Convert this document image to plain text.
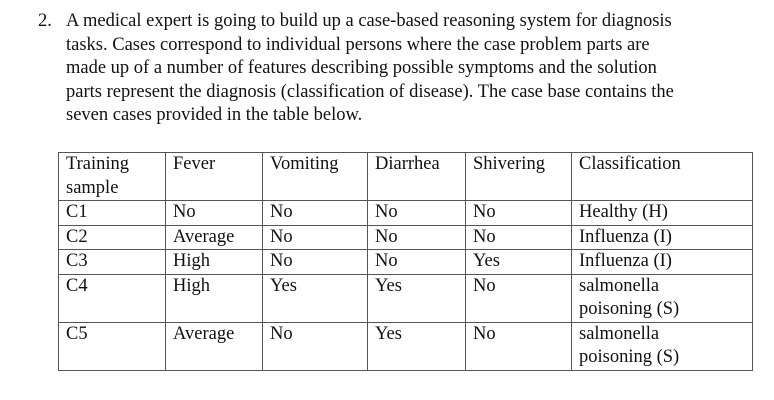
2. A medical expert is going to build up a case-based reasoning system for diagnosis
tasks. Cases correspond to individual persons where the case problem parts are
made up of a number of features describing possible symptoms and the solution
parts represent the diagnosis (classification of disease). The case base contains the
seven cases provided in the table below.
Training
sample	Fever	Vomiting	Diarrhea	Shivering	Classification
C1	No	No	No	No	Healthy (H)
C2	Average	No	No	No	Influenza (I)
C3	High	No	No	Yes	Influenza (I)
C4	High	Yes	Yes	No	salmonella
poisoning (S)

C5	Average	No	Yes	No	salmonella
poisoning (S)
